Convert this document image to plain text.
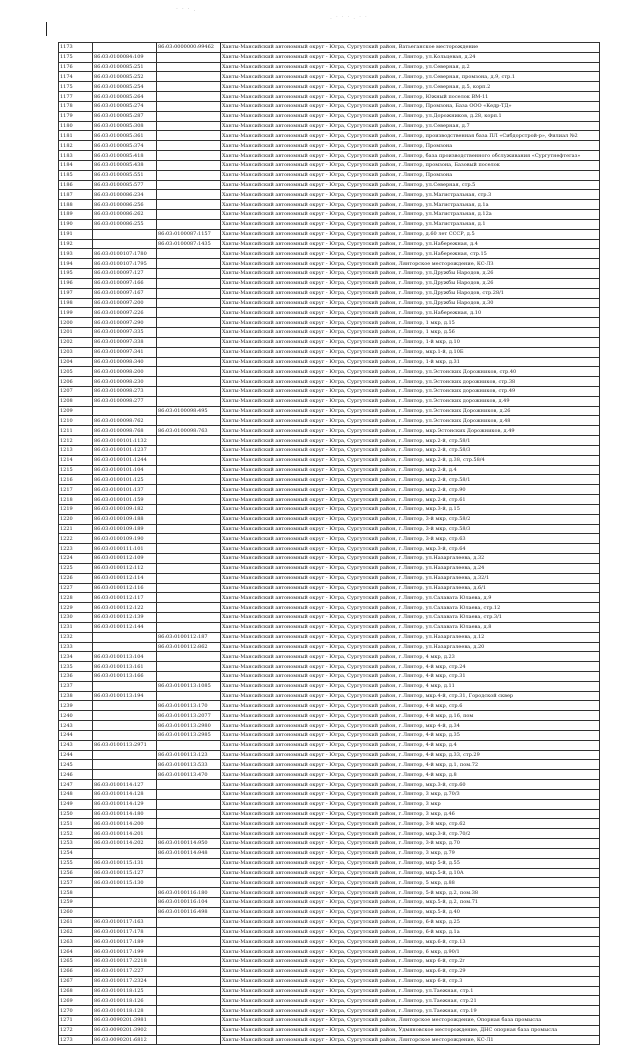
· · · .
. · · · . · ·
1173		86:03:0000000:99462	Ханты-Мансийский автономный округ - Югра, Сургутский район, Ватьеганское месторождение
1175	86:03:0100084:109		Ханты-Мансийский автономный округ - Югра, Сургутский район, г.Лянтор, ул.Кольцевая, д.24
1176	86:03:0100085:251		Ханты-Мансийский автономный округ - Югра, Сургутский район, г.Лянтор, ул.Северная, д.2
1174	86:03:0100085:252		Ханты-Мансийский автономный округ - Югра, Сургутский район, г.Лянтор, ул.Северная, промзона, д.9, стр.1
1175	86:03:0100085:254		Ханты-Мансийский автономный округ - Югра, Сургутский район, г.Лянтор, ул.Северная, д.5, корп.2
1177	86:03:0100085:264		Ханты-Мансийский автономный округ - Югра, Сургутский район, г.Лянтор, Южный поселок ВМ-11
1178	86:03:0100085:274		Ханты-Мансийский автономный округ - Югра, Сургутский район, г.Лянтор, Промзона, База ООО «Кедр-ТД»
1179	86:03:0100085:287		Ханты-Мансийский автономный округ - Югра, Сургутский район, г.Лянтор, ул.Дорожников, д.28, корп.1
1180	86:03:0100085:308		Ханты-Мансийский автономный округ - Югра, Сургутский район, г.Лянтор, ул.Северная, д.7
1181	86:03:0100085:361		Ханты-Мансийский автономный округ - Югра, Сургутский район, г.Лянтор, производственная база ПЛ «Сибдорстрой-р», Филиал №2
1182	86:03:0100085:374		Ханты-Мансийский автономный округ - Югра, Сургутский район, г.Лянтор, Промзона
1183	86:03:0100085:418		Ханты-Мансийский автономный округ - Югра, Сургутский район, г.Лянтор, база производственного обслуживания «Сургутнефтегаз»
1184	86:03:0100085:438		Ханты-Мансийский автономный округ - Югра, Сургутский район, г.Лянтор, промзона, Базовый поселок
1185	86:03:0100085:551		Ханты-Мансийский автономный округ - Югра, Сургутский район, г.Лянтор, Промзона
1186	86:03:0100085:577		Ханты-Мансийский автономный округ - Югра, Сургутский район, г.Лянтор, ул.Северная, стр.5
1187	86:03:0100086:234		Ханты-Мансийский автономный округ - Югра, Сургутский район, г.Лянтор, ул.Магистральная, стр.3
1188	86:03:0100086:256		Ханты-Мансийский автономный округ - Югра, Сургутский район, г.Лянтор, ул.Магистральная, д.1а
1189	86:03:0100086:262		Ханты-Мансийский автономный округ - Югра, Сургутский район, г.Лянтор, ул.Магистральная, д.12а
1190	86:03:0100086:255		Ханты-Мансийский автономный округ - Югра, Сургутский район, г.Лянтор, ул.Магистральная, д.1
1191		86:03:0100087:1157	Ханты-Мансийский автономный округ - Югра, Сургутский район, г.Лянтор, д.60 лет СССР, д.5
1192		86:03:0100087:1435	Ханты-Мансийский автономный округ - Югра, Сургутский район, г.Лянтор, ул.Набережная, д.4
1193	86:03:0100107:1780		Ханты-Мансийский автономный округ - Югра, Сургутский район, г.Лянтор, ул.Набережная, стр.15
1194	86:03:0100107:1795		Ханты-Мансийский автономный округ - Югра, Сургутский район, Лянторское месторождение, КС-ЛЗ
1195	86:03:0100097:127		Ханты-Мансийский автономный округ - Югра, Сургутский район, г.Лянтор, ул.Дружбы Народов, д.26
1196	86:03:0100097:166		Ханты-Мансийский автономный округ - Югра, Сургутский район, г.Лянтор, ул.Дружбы Народов, д.26
1197	86:03:0100097:167		Ханты-Мансийский автономный округ - Югра, Сургутский район, г.Лянтор, ул.Дружбы Народов, стр.28/1
1198	86:03:0100097:200		Ханты-Мансийский автономный округ - Югра, Сургутский район, г.Лянтор, ул.Дружбы Народов, д.30
1199	86:03:0100097:226		Ханты-Мансийский автономный округ - Югра, Сургутский район, г.Лянтор, ул.Набережная, д.10
1200	86:03:0100097:290		Ханты-Мансийский автономный округ - Югра, Сургутский район, г.Лянтор, 1 мкр, д.15
1201	86:03:0100097:335		Ханты-Мансийский автономный округ - Югра, Сургутский район, г.Лянтор, 1 мкр, д.56
1202	86:03:0100097:338		Ханты-Мансийский автономный округ - Югра, Сургутский район, г.Лянтор, 1-й мкр, д.10
1203	86:03:0100097:341		Ханты-Мансийский автономный округ - Югра, Сургутский район, г.Лянтор, мкр.1-й, д.10Б
1204	86:03:0100098:340		Ханты-Мансийский автономный округ - Югра, Сургутский район, г.Лянтор, 1-й мкр, д.31
1205	86:03:0100098:200		Ханты-Мансийский автономный округ - Югра, Сургутский район, г.Лянтор, ул.Эстонских Дорожников, стр.40
1206	86:03:0100098:230		Ханты-Мансийский автономный округ - Югра, Сургутский район, г.Лянтор, ул.Эстонских дорожников, стр.38
1207	86:03:0100098:273		Ханты-Мансийский автономный округ - Югра, Сургутский район, г.Лянтор, ул.Эстонских дорожников, стр.49
1208	86:03:0100098:277		Ханты-Мансийский автономный округ - Югра, Сургутский район, г.Лянтор, ул.Эстонских дорожников, д.49
1209		86:03:0100098:495	Ханты-Мансийский автономный округ - Югра, Сургутский район, г.Лянтор, ул.Эстонских Дорожников, д.26
1210	86:03:0100098:762		Ханты-Мансийский автономный округ - Югра, Сургутский район, г.Лянтор, ул.Эстонских Дорожников, д.48
1211	86:03:0100098:768	86:03:0100098:763	Ханты-Мансийский автономный округ - Югра, Сургутский район, г.Лянтор, мкр.Эстонских Дорожников, д.49
1212	86:03:0100101:1132		Ханты-Мансийский автономный округ - Югра, Сургутский район, г.Лянтор, мкр.2-й, стр.58/1
1213	86:03:0100101:1237		Ханты-Мансийский автономный округ - Югра, Сургутский район, г.Лянтор, мкр.2-й, стр.58/3
1214	86:03:0100101:1244		Ханты-Мансийский автономный округ - Югра, Сургутский район, г.Лянтор, мкр.2-й, д.38, стр.58/4
1215	86:03:0100101:104		Ханты-Мансийский автономный округ - Югра, Сургутский район, г.Лянтор, мкр.2-й, д.4
1216	86:03:0100101:125		Ханты-Мансийский автономный округ - Югра, Сургутский район, г.Лянтор, мкр.2-й, стр.58/1
1217	86:03:0100101:137		Ханты-Мансийский автономный округ - Югра, Сургутский район, г.Лянтор, мкр.2-й, стр.90
1218	86:03:0100101:159		Ханты-Мансийский автономный округ - Югра, Сургутский район, г.Лянтор, мкр.2-й, стр.61
1219	86:03:0100109:182		Ханты-Мансийский автономный округ - Югра, Сургутский район, г.Лянтор, мкр.3-й, д.15
1220	86:03:0100109:188		Ханты-Мансийский автономный округ - Югра, Сургутский район, г.Лянтор, 3-й мкр, стр.58/2
1221	86:03:0100109:189		Ханты-Мансийский автономный округ - Югра, Сургутский район, г.Лянтор, 3-й мкр, стр.58/3
1222	86:03:0100109:190		Ханты-Мансийский автономный округ - Югра, Сургутский район, г.Лянтор, 3-й мкр, стр.63
1223	86:03:0100111:101		Ханты-Мансийский автономный округ - Югра, Сургутский район, г.Лянтор, мкр.3-й, стр.64
1224	86:03:0100112:109		Ханты-Мансийский автономный округ - Югра, Сургутский район, г.Лянтор, ул.Назаргалеева, д.32
1225	86:03:0100112:112		Ханты-Мансийский автономный округ - Югра, Сургутский район, г.Лянтор, ул.Назаргалеева, д.24
1226	86:03:0100112:114		Ханты-Мансийский автономный округ - Югра, Сургутский район, г.Лянтор, ул.Назаргалеева, д.32/1
1227	86:03:0100112:116		Ханты-Мансийский автономный округ - Югра, Сургутский район, г.Лянтор, ул.Назаргалеева, д.6/1
1228	86:03:0100112:117		Ханты-Мансийский автономный округ - Югра, Сургутский район, г.Лянтор, ул.Салавата Юлаева, д.9
1229	86:03:0100112:122		Ханты-Мансийский автономный округ - Югра, Сургутский район, г.Лянтор, ул.Салавата Юлаева, стр.12
1230	86:03:0100112:139		Ханты-Мансийский автономный округ - Югра, Сургутский район, г.Лянтор, ул.Салавата Юлаева, стр.3/1
1231	86:03:0100112:144		Ханты-Мансийский автономный округ - Югра, Сургутский район, г.Лянтор, ул.Салавата Юлаева, д.8
1232		86:03:0100112:187	Ханты-Мансийский автономный округ - Югра, Сургутский район, г.Лянтор, ул.Назаргалеева, д.12
1233		86:03:0100112:862	Ханты-Мансийский автономный округ - Югра, Сургутский район, г.Лянтор, ул.Назаргалеева, д.20
1234	86:03:0100113:104		Ханты-Мансийский автономный округ - Югра, Сургутский район, г.Лянтор, 4 мкр, д.23
1235	86:03:0100113:161		Ханты-Мансийский автономный округ - Югра, Сургутский район, г.Лянтор, 4-й мкр, стр.24
1236	86:03:0100113:166		Ханты-Мансийский автономный округ - Югра, Сургутский район, г.Лянтор, 4-й мкр, стр.31
1237		86:03:0100113:1085	Ханты-Мансийский автономный округ - Югра, Сургутский район, г.Лянтор, 4 мкр, д.11
1238	86:03:0100113:194		Ханты-Мансийский автономный округ - Югра, Сургутский район, г.Лянтор, мкр.4-й, стр.31, Городской сквер
1239		86:03:0100113:170	Ханты-Мансийский автономный округ - Югра, Сургутский район, г.Лянтор, 4-й мкр, стр.6
1240		86:03:0100113:2077	Ханты-Мансийский автономный округ - Югра, Сургутский район, г.Лянтор, 4-й мкр, д.16, пом
1243		86:03:0100113:2980	Ханты-Мансийский автономный округ - Югра, Сургутский район, г.Лянтор, мкр 4-й, д.34
1244		86:03:0100113:2985	Ханты-Мансийский автономный округ - Югра, Сургутский район, г.Лянтор, 4-й мкр, д.35
1243	86:03:0100113:2971		Ханты-Мансийский автономный округ - Югра, Сургутский район, г.Лянтор, 4-й мкр, д.4
1244		86:03:0100113:123	Ханты-Мансийский автономный округ - Югра, Сургутский район, г.Лянтор, 4-й мкр, д.33, стр.29
1245		86:03:0100113:533	Ханты-Мансийский автономный округ - Югра, Сургутский район, г.Лянтор, 4-й мкр, д.1, пом.72
1246		86:03:0100113:470	Ханты-Мансийский автономный округ - Югра, Сургутский район, г.Лянтор, 4-й мкр, д.8
1247	86:03:0100114:127		Ханты-Мансийский автономный округ - Югра, Сургутский район, г.Лянтор, мкр.3-й, стр.60
1248	86:03:0100114:128		Ханты-Мансийский автономный округ - Югра, Сургутский район, г.Лянтор, 3 мкр, д.70/3
1249	86:03:0100114:129		Ханты-Мансийский автономный округ - Югра, Сургутский район, г.Лянтор, 3 мкр
1250	86:03:0100114:180		Ханты-Мансийский автономный округ - Югра, Сургутский район, г.Лянтор, 3 мкр, д.46
1251	86:03:0100114:200		Ханты-Мансийский автономный округ - Югра, Сургутский район, г.Лянтор, 3-й мкр, стр.62
1252	86:03:0100114:201		Ханты-Мансийский автономный округ - Югра, Сургутский район, г.Лянтор, мкр.3-й, стр.70/2
1253	86:03:0100114:202	86:03:0100114:950	Ханты-Мансийский автономный округ - Югра, Сургутский район, г.Лянтор, 3-й мкр, д.70
1254		86:03:0100114:948	Ханты-Мансийский автономный округ - Югра, Сургутский район, г.Лянтор, 3 мкр, д.79
1255	86:03:0100115:131		Ханты-Мансийский автономный округ - Югра, Сургутский район, г.Лянтор, мкр 5-й, д.55
1256	86:03:0100115:127		Ханты-Мансийский автономный округ - Югра, Сургутский район, г.Лянтор, мкр.5-й, д.10А
1257	86:03:0100115:130		Ханты-Мансийский автономный округ - Югра, Сургутский район, г.Лянтор, 5 мкр, д.88
1258		86:03:0100116:180	Ханты-Мансийский автономный округ - Югра, Сургутский район, г.Лянтор, 5-й мкр, д.2, пом.38
1259		86:03:0100116:104	Ханты-Мансийский автономный округ - Югра, Сургутский район, г.Лянтор, мкр.5-й, д.2, пом.71
1260		86:03:0100116:498	Ханты-Мансийский автономный округ - Югра, Сургутский район, г.Лянтор, мкр.5-й, д.40
1261	86:03:0100117:163		Ханты-Мансийский автономный округ - Югра, Сургутский район, г.Лянтор, 6-й мкр, д.25
1262	86:03:0100117:178		Ханты-Мансийский автономный округ - Югра, Сургутский район, г.Лянтор, 6-й мкр, д.1а
1263	86:03:0100117:189		Ханты-Мансийский автономный округ - Югра, Сургутский район, г.Лянтор, мкр.6-й, стр.13
1264	86:03:0100117:199		Ханты-Мансийский автономный округ - Югра, Сургутский район, г.Лянтор, 6 мкр, д.90/1
1265	86:03:0100117:2218		Ханты-Мансийский автономный округ - Югра, Сургутский район, г.Лянтор, мкр 6-й, стр.2г
1266	86:03:0100117:227		Ханты-Мансийский автономный округ - Югра, Сургутский район, г.Лянтор, мкр.6-й, стр.29
1267	86:03:0100117:2324		Ханты-Мансийский автономный округ - Югра, Сургутский район, г.Лянтор, мкр 6-й, стр.3
1268	86:03:0100118:125		Ханты-Мансийский автономный округ - Югра, Сургутский район, г.Лянтор, ул.Таежная, стр.1
1269	86:03:0100118:126		Ханты-Мансийский автономный округ - Югра, Сургутский район, г.Лянтор, ул.Таежная, стр.21
1270	86:03:0100118:128		Ханты-Мансийский автономный округ - Югра, Сургутский район, г.Лянтор, ул.Таежная, стр.19
1271	86:03:0090201:3981		Ханты-Мансийский автономный округ - Югра, Сургутский район, Лянторское месторождение, Опорная база промысла
1272	86:03:0090201:3902		Ханты-Мансийский автономный округ - Югра, Сургутский район, Удмяновское месторождение, ДНС опорная база промысла
1273	86:03:0090201:6812		Ханты-Мансийский автономный округ - Югра, Сургутский район, Лянторское месторождение, КС-Л1
